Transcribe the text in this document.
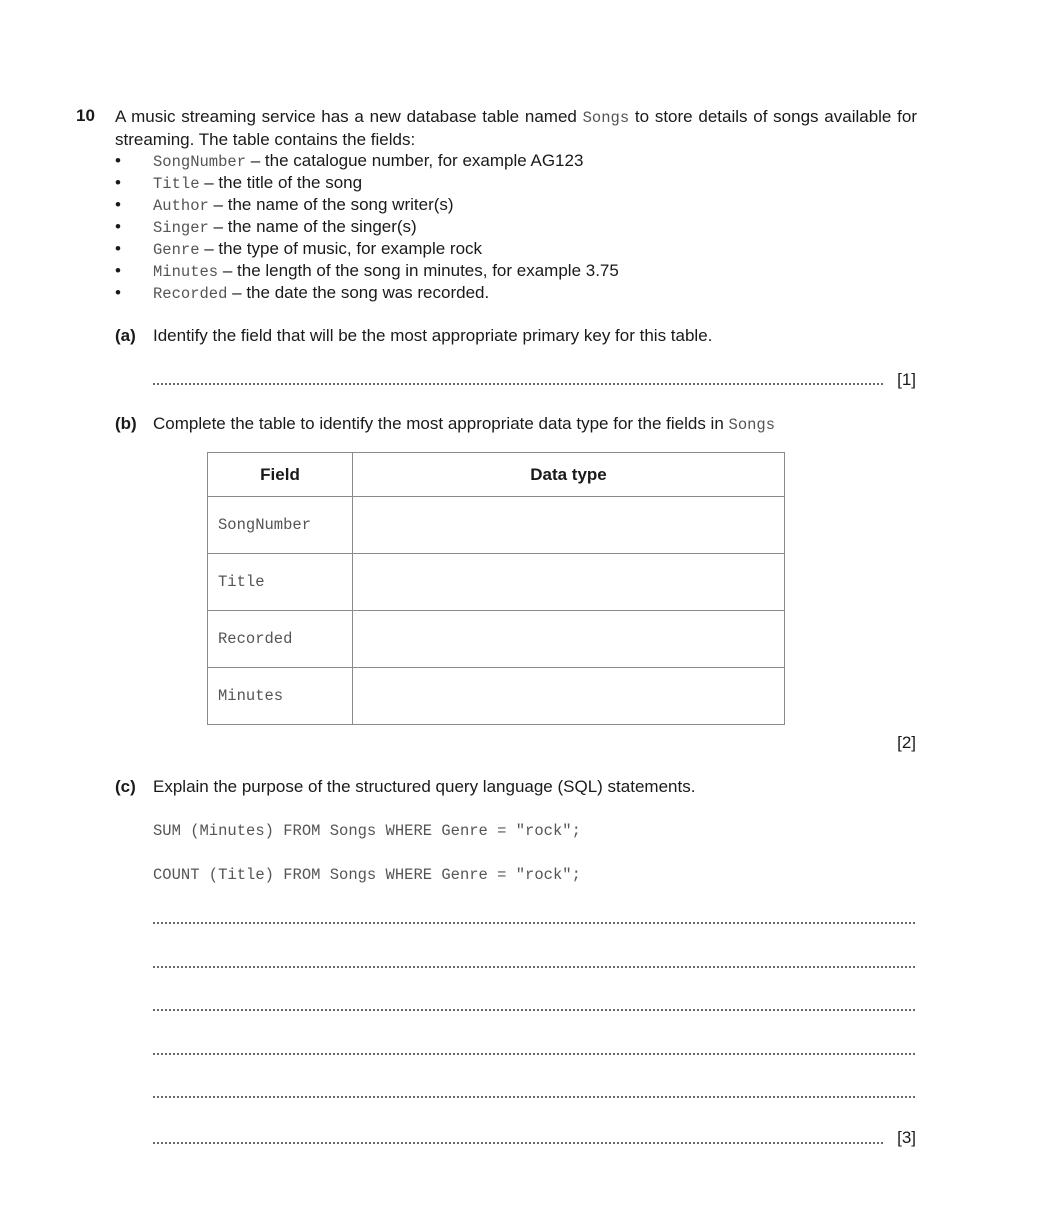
10 A music streaming service has a new database table named Songs to store details of songs available for streaming. The table contains the fields:
• SongNumber – the catalogue number, for example AG123
• Title – the title of the song
• Author – the name of the song writer(s)
• Singer – the name of the singer(s)
• Genre – the type of music, for example rock
• Minutes – the length of the song in minutes, for example 3.75
• Recorded – the date the song was recorded.
(a) Identify the field that will be the most appropriate primary key for this table.
[1]
(b) Complete the table to identify the most appropriate data type for the fields in Songs
Field	Data type
SongNumber	
Title	
Recorded	
Minutes	
[2]
(c) Explain the purpose of the structured query language (SQL) statements.
SUM (Minutes) FROM Songs WHERE Genre = "rock";
COUNT (Title) FROM Songs WHERE Genre = "rock";
[3]
